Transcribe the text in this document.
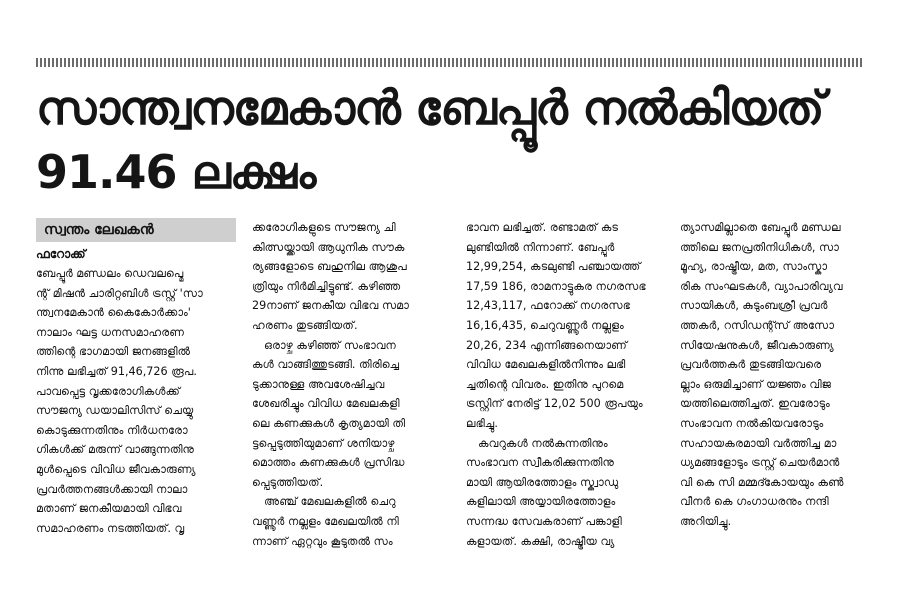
സാന്ത്വനമേകാൻ ബേപ്പൂർ നൽകിയത്
91.46 ലക്ഷം
സ്വന്തം ലേഖകൻ
ഫറോക്ക്

ബേപ്പൂർ മണ്ഡലം ഡെവലപ്മെ

ന്റ് മിഷൻ ചാരിറ്റബിൾ ട്രസ്റ്റ് 'സാ

ന്ത്വനമേകാൻ കൈകോർക്കാം'

നാലാം ഘട്ട ധനസമാഹരണ

ത്തിന്റെ ഭാഗമായി ജനങ്ങളിൽ

നിന്നു ലഭിച്ചത് 91,46,726 രൂപ.

പാവപ്പെട്ട വൃക്കരോഗികൾക്ക്

സൗജന്യ ഡയാലിസിസ് ചെയ്യു

കൊടുക്കുന്നതിനും നിർധനരോ

ഗികൾക്ക് മരുന്ന് വാങ്ങുന്നതിനു

മുൾപ്പെടെ വിവിധ ജീവകാരുണ്യ

പ്രവർത്തനങ്ങൾക്കായി നാലാ

മതാണ് ജനകീയമായി വിഭവ

സമാഹരണം നടത്തിയത്. വൃ

ക്കരോഗികളുടെ സൗജന്യ ചി

കിത്സയ്ക്കായി ആധുനിക സൗക

ര്യങ്ങളോടെ ബഹുനില ആശുപ

ത്രിയും നിർമിച്ചിട്ടുണ്ട്. കഴിഞ്ഞ

29നാണ് ജനകീയ വിഭവ സമാ

ഹരണം തുടങ്ങിയത്.

ഒരാഴ്ച കഴിഞ്ഞ് സംഭാവന

കൾ വാങ്ങിത്തുടങ്ങി. തിരിച്ചെ

ടുക്കാനുള്ള അവശേഷിച്ചവ

ശേഖരിച്ചും വിവിധ മേഖലകളി

ലെ കണക്കുകൾ കൃത്യമായി തി

ട്ടപ്പെടുത്തിയുമാണ് ശനിയാഴ്ച

മൊത്തം കണക്കുകൾ പ്രസിദ്ധ

പ്പെടുത്തിയത്.

അഞ്ച് മേഖലകളിൽ ചെറു

വണ്ണൂർ നല്ലളം മേഖലയിൽ നി

ന്നാണ് ഏറ്റവും കൂടുതൽ സം

ഭാവന ലഭിച്ചത്. രണ്ടാമത് കട

ലുണ്ടിയിൽ നിന്നാണ്. ബേപ്പൂർ

12,99,254, കടലുണ്ടി പഞ്ചായത്ത്

17,59 186, രാമനാട്ടുകര നഗരസഭ

12,43,117, ഫറോക്ക് നഗരസഭ

16,16,435, ചെറുവണ്ണൂർ നല്ലളം

20,26, 234 എന്നിങ്ങനെയാണ്

വിവിധ മേഖലകളിൽനിന്നും ലഭി

ച്ചതിന്റെ വിവരം. ഇതിനു പുറമെ

ട്രസ്റ്റിന് നേരിട്ട് 12,02 500 രൂപയും

ലഭിച്ചു.

കവറുകൾ നൽകുന്നതിനും

സംഭാവന സ്വീകരിക്കുന്നതിനു

മായി ആയിരത്തോളം സ്ക്വാഡു

കളിലായി അയ്യായിരത്തോളം

സന്നദ്ധ സേവകരാണ് പങ്കാളി

കളായത്. കക്ഷി, രാഷ്ട്രീയ വ്യ

ത്യാസമില്ലാതെ ബേപ്പൂർ മണ്ഡല

ത്തിലെ ജനപ്രതിനിധികൾ, സാ

മൂഹ്യ, രാഷ്ട്രീയ, മത, സാംസ്കാ

രിക സംഘടകൾ, വ്യാപാരിവ്യവ

സായികൾ, കുടുംബശ്രീ പ്രവർ

ത്തകർ, റസിഡന്റ്സ് അസോ

സിയേഷനുകൾ, ജീവകാരുണ്യ

പ്രവർത്തകർ തുടങ്ങിയവരെ

ല്ലാം ഒരുമിച്ചാണ് യജ്ഞം വിജ

യത്തിലെത്തിച്ചത്. ഇവരോടും

സംഭാവന നൽകിയവരോടും

സഹായകരമായി വർത്തിച്ച മാ

ധ്യമങ്ങളോടും ട്രസ്റ്റ് ചെയർമാൻ

വി കെ സി മമ്മദ്കോയയും കൺ

വീനർ കെ ഗംഗാധരനും നന്ദി

അറിയിച്ചു.
